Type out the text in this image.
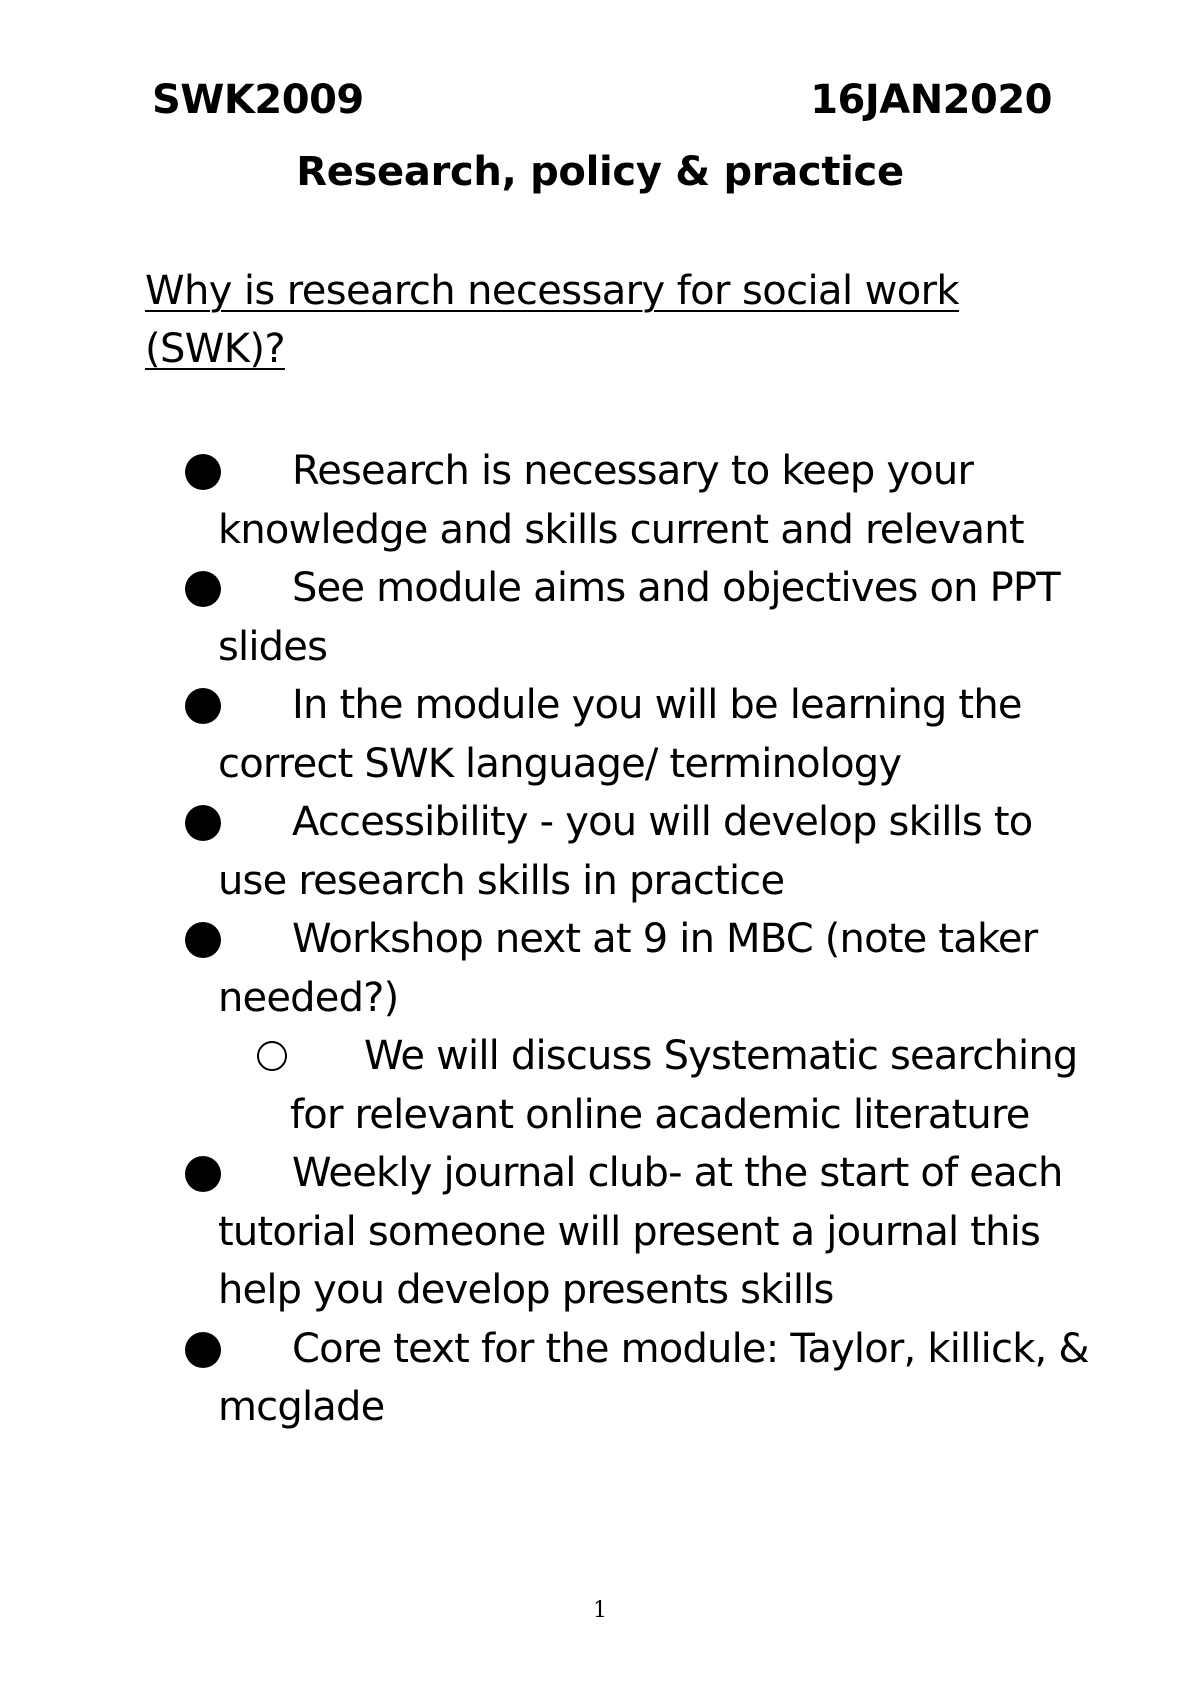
SWK2009	16JAN2020
Research, policy & practice
Why is research necessary for social work (SWK)?
Research is necessary to keep your knowledge and skills current and relevant
See module aims and objectives on PPT slides
In the module you will be learning the correct SWK language/ terminology
Accessibility - you will develop skills to use research skills in practice
Workshop next at 9 in MBC (note taker needed?)
We will discuss Systematic searching for relevant online academic literature
Weekly journal club- at the start of each tutorial someone will present a journal this help you develop presents skills
Core text for the module: Taylor, killick, & mcglade
1
